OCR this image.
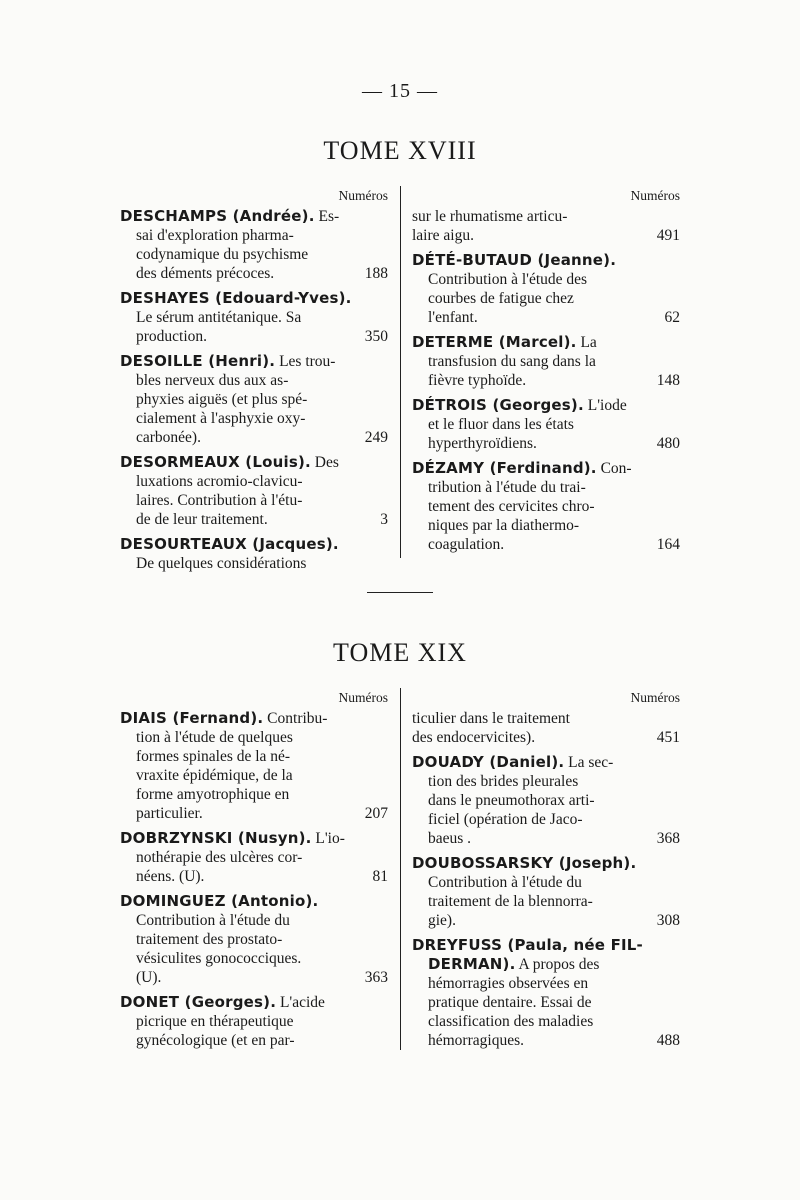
— 15 —
TOME XVIII
Numéros
DESCHAMPS (Andrée). Es-
sai d'exploration pharma-
codynamique du psychisme
des déments précoces.	188
DESHAYES (Edouard-Yves).
Le sérum antitétanique. Sa
production.	350
DESOILLE (Henri). Les trou-
bles nerveux dus aux as-
phyxies aiguës (et plus spé-
cialement à l'asphyxie oxy-
carbonée).	249
DESORMEAUX (Louis). Des
luxations acromio-clavicu-
laires. Contribution à l'étu-
de de leur traitement.	3
DESOURTEAUX (Jacques).
De quelques considérations
Numéros
sur le rhumatisme articu-
laire aigu.	491
DÉTÉ-BUTAUD (Jeanne).
Contribution à l'étude des
courbes de fatigue chez
l'enfant.	62
DETERME (Marcel). La
transfusion du sang dans la
fièvre typhoïde.	148
DÉTROIS (Georges). L'iode
et le fluor dans les états
hyperthyroïdiens.	480
DÉZAMY (Ferdinand). Con-
tribution à l'étude du trai-
tement des cervicites chro-
niques par la diathermo-
coagulation.	164
TOME XIX
Numéros
DIAIS (Fernand). Contribu-
tion à l'étude de quelques
formes spinales de la né-
vraxite épidémique, de la
forme amyotrophique en
particulier.	207
DOBRZYNSKI (Nusyn). L'io-
nothérapie des ulcères cor-
néens. (U).	81
DOMINGUEZ (Antonio).
Contribution à l'étude du
traitement des prostato-
vésiculites gonococciques.
(U).	363
DONET (Georges). L'acide
picrique en thérapeutique
gynécologique (et en par-
Numéros
ticulier dans le traitement
des endocervicites).	451
DOUADY (Daniel). La sec-
tion des brides pleurales
dans le pneumothorax arti-
ficiel (opération de Jaco-
baeus .	368
DOUBOSSARSKY (Joseph).
Contribution à l'étude du
traitement de la blennorra-
gie).	308
DREYFUSS (Paula, née FIL-
DERMAN). A propos des
hémorragies observées en
pratique dentaire. Essai de
classification des maladies
hémorragiques.	488
